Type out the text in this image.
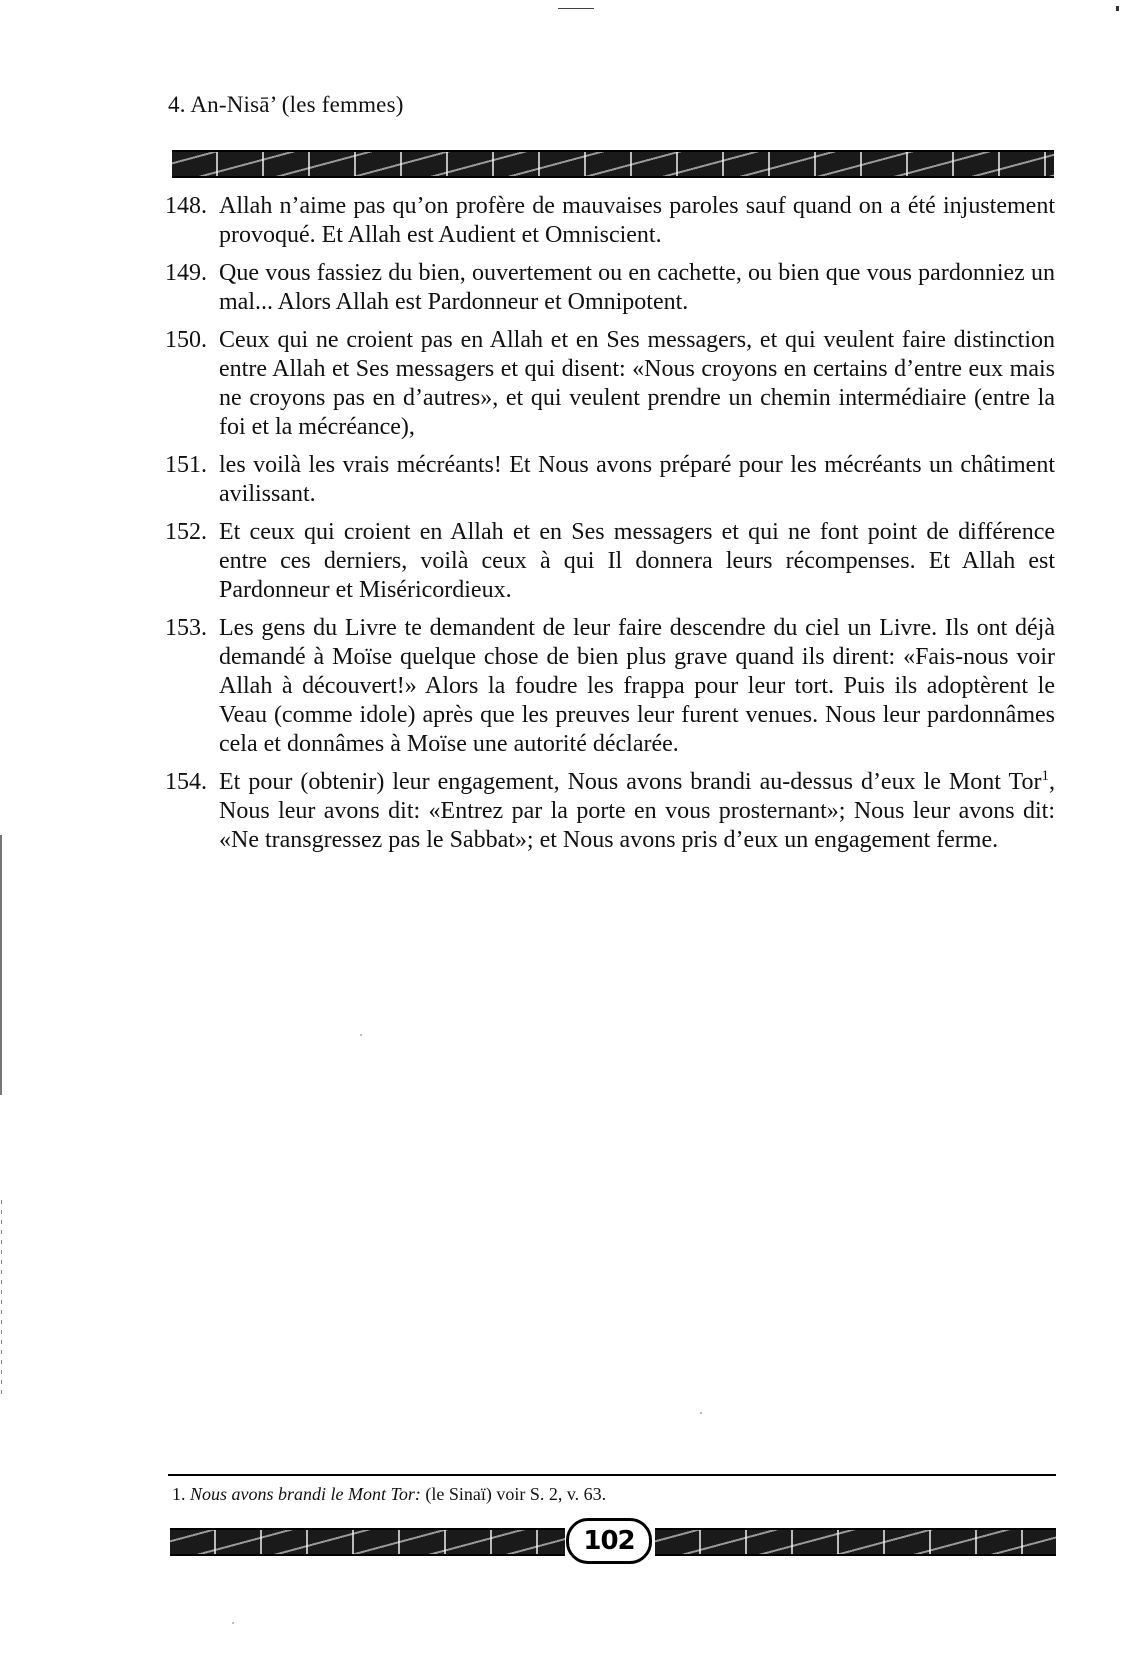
4. An-Nisā’ (les femmes)
148. Allah n’aime pas qu’on profère de mauvaises paroles sauf quand on a été injustement provoqué. Et Allah est Audient et Omniscient.
149. Que vous fassiez du bien, ouvertement ou en cachette, ou bien que vous pardonniez un mal... Alors Allah est Pardonneur et Omnipotent.
150. Ceux qui ne croient pas en Allah et en Ses messagers, et qui veulent faire distinction entre Allah et Ses messagers et qui disent: «Nous croyons en certains d’entre eux mais ne croyons pas en d’autres», et qui veulent prendre un chemin intermédiaire (entre la foi et la mécréance),
151. les voilà les vrais mécréants! Et Nous avons préparé pour les mécréants un châtiment avilissant.
152. Et ceux qui croient en Allah et en Ses messagers et qui ne font point de différence entre ces derniers, voilà ceux à qui Il donnera leurs récompenses. Et Allah est Pardonneur et Miséricordieux.
153. Les gens du Livre te demandent de leur faire descendre du ciel un Livre. Ils ont déjà demandé à Moïse quelque chose de bien plus grave quand ils dirent: «Fais-nous voir Allah à découvert!» Alors la foudre les frappa pour leur tort. Puis ils adoptèrent le Veau (comme idole) après que les preuves leur furent venues. Nous leur pardonnâmes cela et donnâmes à Moïse une autorité déclarée.
154. Et pour (obtenir) leur engagement, Nous avons brandi au-dessus d’eux le Mont Tor$^1$, Nous leur avons dit: «Entrez par la porte en vous prosternant»; Nous leur avons dit: «Ne transgressez pas le Sabbat»; et Nous avons pris d’eux un engagement ferme.
1. Nous avons brandi le Mont Tor: (le Sinaï) voir S. 2, v. 63.
102
